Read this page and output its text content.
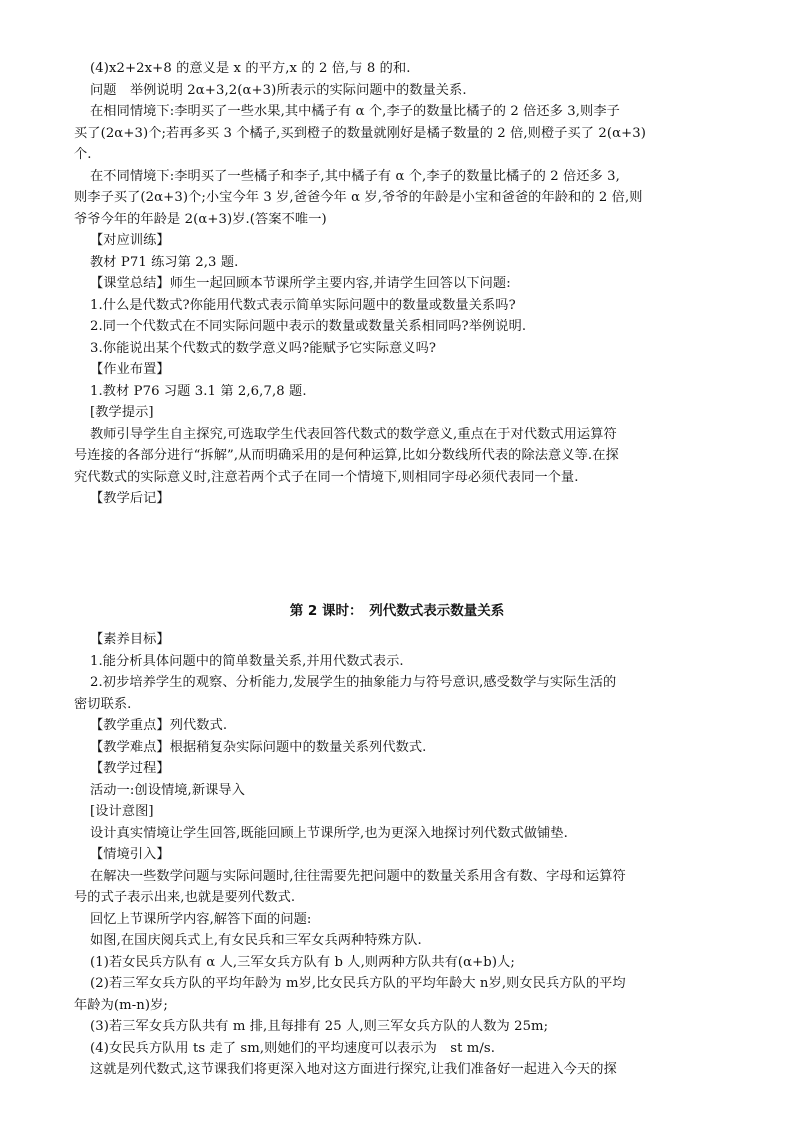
(4)x2+2x+8 的意义是 x 的平方,x 的 2 倍,与 8 的和.

问题　举例说明 2α+3,2(α+3)所表示的实际问题中的数量关系.

在相同情境下:李明买了一些水果,其中橘子有 α 个,李子的数量比橘子的 2 倍还多 3,则李子

买了(2α+3)个;若再多买 3 个橘子,买到橙子的数量就刚好是橘子数量的 2 倍,则橙子买了 2(α+3)

个.

在不同情境下:李明买了一些橘子和李子,其中橘子有 α 个,李子的数量比橘子的 2 倍还多 3,

则李子买了(2α+3)个;小宝今年 3 岁,爸爸今年 α 岁,爷爷的年龄是小宝和爸爸的年龄和的 2 倍,则

爷爷今年的年龄是 2(α+3)岁.(答案不唯一)

【对应训练】

教材 P71 练习第 2,3 题.

【课堂总结】师生一起回顾本节课所学主要内容,并请学生回答以下问题:

1.什么是代数式?你能用代数式表示简单实际问题中的数量或数量关系吗?

2.同一个代数式在不同实际问题中表示的数量或数量关系相同吗?举例说明.

3.你能说出某个代数式的数学意义吗?能赋予它实际意义吗?

【作业布置】

1.教材 P76 习题 3.1 第 2,6,7,8 题.

[教学提示]

教师引导学生自主探究,可选取学生代表回答代数式的数学意义,重点在于对代数式用运算符

号连接的各部分进行“拆解”,从而明确采用的是何种运算,比如分数线所代表的除法意义等.在探

究代数式的实际意义时,注意若两个式子在同一个情境下,则相同字母必须代表同一个量.

【教学后记】

第 2 课时：　列代数式表示数量关系

【素养目标】

1.能分析具体问题中的简单数量关系,并用代数式表示.

2.初步培养学生的观察、分析能力,发展学生的抽象能力与符号意识,感受数学与实际生活的

密切联系.

【教学重点】列代数式.

【教学难点】根据稍复杂实际问题中的数量关系列代数式.

【教学过程】

活动一:创设情境,新课导入

[设计意图]

设计真实情境让学生回答,既能回顾上节课所学,也为更深入地探讨列代数式做铺垫.

【情境引入】

在解决一些数学问题与实际问题时,往往需要先把问题中的数量关系用含有数、字母和运算符

号的式子表示出来,也就是要列代数式.

回忆上节课所学内容,解答下面的问题:

如图,在国庆阅兵式上,有女民兵和三军女兵两种特殊方队.

(1)若女民兵方队有 α 人,三军女兵方队有 b 人,则两种方队共有(α+b)人;

(2)若三军女兵方队的平均年龄为 m岁,比女民兵方队的平均年龄大 n岁,则女民兵方队的平均

年龄为(m-n)岁;

(3)若三军女兵方队共有 m 排,且每排有 25 人,则三军女兵方队的人数为 25m;

(4)女民兵方队用 ts 走了 sm,则她们的平均速度可以表示为　st m/s.

这就是列代数式,这节课我们将更深入地对这方面进行探究,让我们准备好一起进入今天的探
